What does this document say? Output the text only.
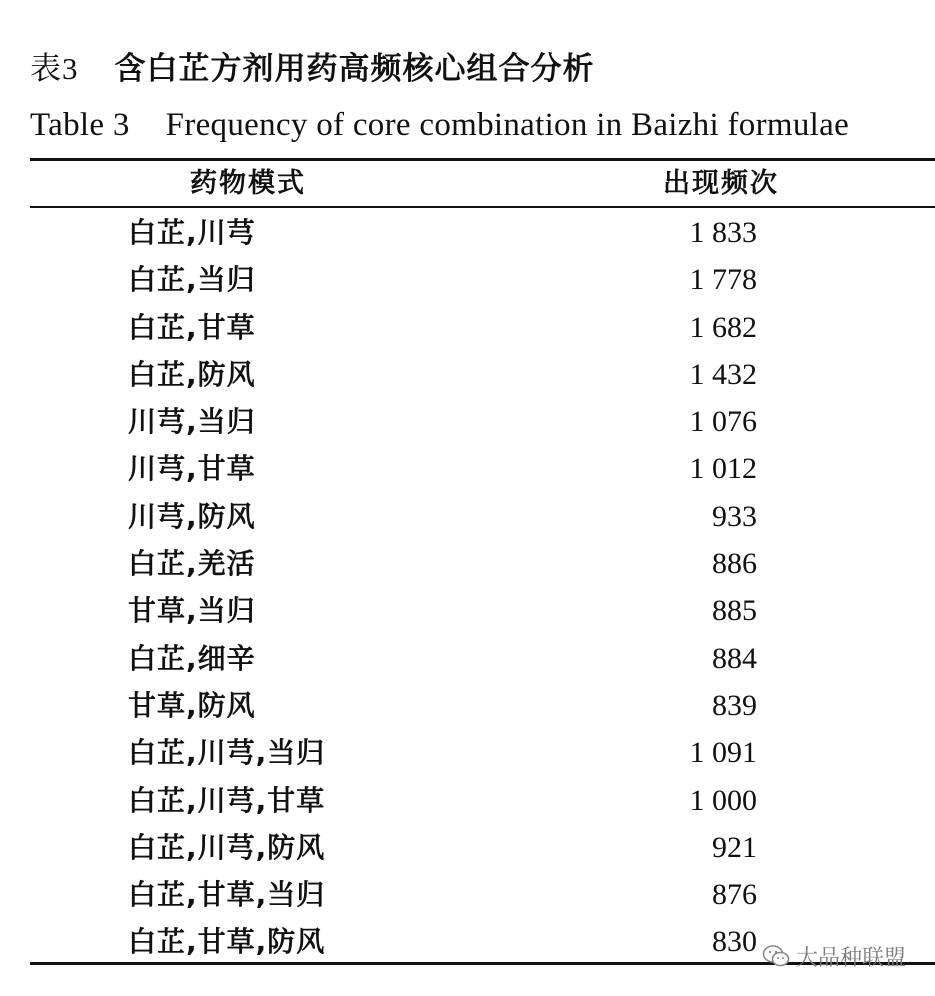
表3 含白芷方剂用药高频核心组合分析
Table 3 Frequency of core combination in Baizhi formulae
药物模式	出现频次
白芷,川芎	1 833
白芷,当归	1 778
白芷,甘草	1 682
白芷,防风	1 432
川芎,当归	1 076
川芎,甘草	1 012
川芎,防风	933
白芷,羌活	886
甘草,当归	885
白芷,细辛	884
甘草,防风	839
白芷,川芎,当归	1 091
白芷,川芎,甘草	1 000
白芷,川芎,防风	921
白芷,甘草,当归	876
白芷,甘草,防风	830 大品种联盟
